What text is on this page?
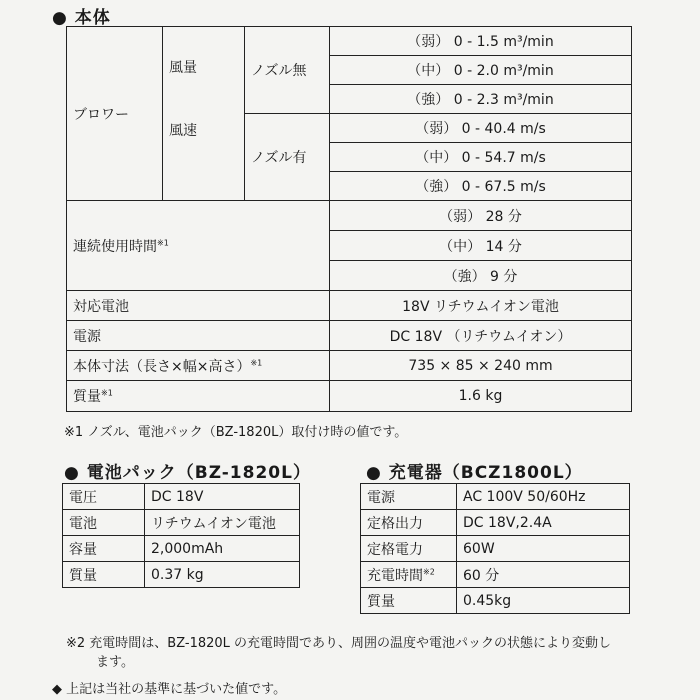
● 本体
ブロワー	風量	ノズル無	（弱） 0 - 1.5 m³/min
			（中） 0 - 2.0 m³/min
			（強） 0 - 2.3 m³/min
	風速	ノズル有	（弱） 0 - 40.4 m/s
			（中） 0 - 54.7 m/s
			（強） 0 - 67.5 m/s
連続使用時間$^{※1}$			（弱） 28 分
			（中） 14 分
			（強） 9 分
対応電池			18V リチウムイオン電池
電源			DC 18V （リチウムイオン）
本体寸法（長さ×幅×高さ）$^{※1}$			735 × 85 × 240 mm
質量$^{※1}$			1.6 kg
※1 ノズル、電池パック（BZ-1820L）取付け時の値です。
● 電池パック（BZ-1820L）
電圧	DC 18V
電池	リチウムイオン電池
容量	2,000mAh
質量	0.37 kg
● 充電器（BCZ1800L）
電源	AC 100V 50/60Hz
定格出力	DC 18V,2.4A
定格電力	60W
充電時間$^{※2}$	60 分
質量	0.45kg
※2 充電時間は、BZ-1820L の充電時間であり、周囲の温度や電池パックの状態により変動し
ます。
◆ 上記は当社の基準に基づいた値です。
